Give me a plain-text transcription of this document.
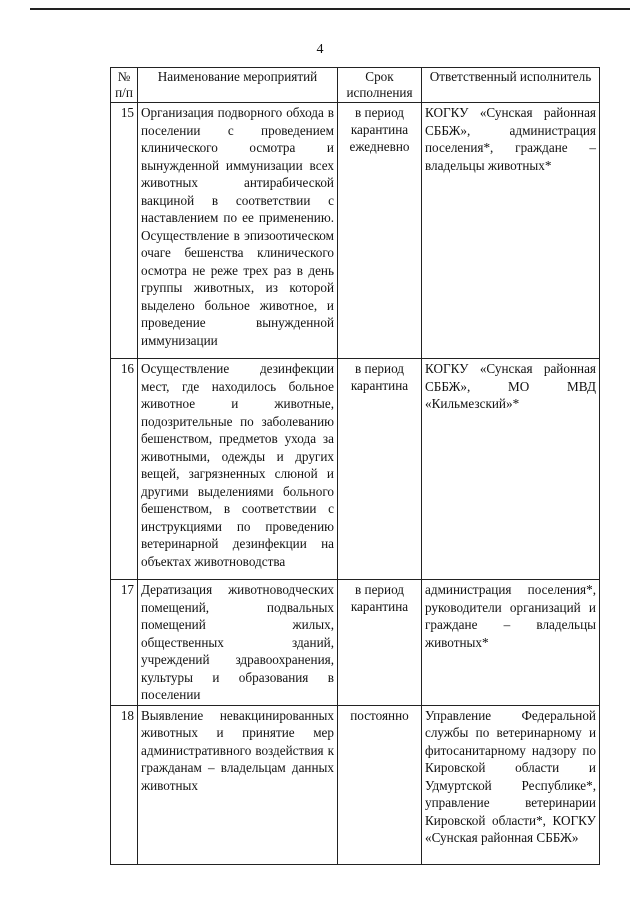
4
№ п/п	Наименование мероприятий	Срок исполнения	Ответственный исполнитель
15	Организация подворного обхода в поселении с проведением клинического осмотра и вынужденной иммунизации всех животных антирабической вакциной в соответствии с наставлением по ее применению. Осуществление в эпизоотическом очаге бешенства клинического осмотра не реже трех раз в день группы животных, из которой выделено больное животное, и проведение вынужденной иммунизации	в период карантина ежедневно	КОГКУ «Сунская районная СББЖ», администрация поселения*, граждане – владельцы животных*
16	Осуществление дезинфекции мест, где находилось больное животное и животные, подозрительные по заболеванию бешенством, предметов ухода за животными, одежды и других вещей, загрязненных слюной и другими выделениями больного бешенством, в соответствии с инструкциями по проведению ветеринарной дезинфекции на объектах животноводства	в период карантина	КОГКУ «Сунская районная СББЖ», МО МВД «Кильмезский»*
17	Дератизация животноводческих помещений, подвальных помещений жилых, общественных зданий, учреждений здравоохранения, культуры и образования в поселении	в период карантина	администрация поселения*, руководители организаций и граждане – владельцы животных*
18	Выявление невакцинированных животных и принятие мер административного воздействия к гражданам – владельцам данных животных	постоянно	Управление Федеральной службы по ветеринарному и фитосанитарному надзору по Кировской области и Удмуртской Республике*, управление ветеринарии Кировской области*, КОГКУ «Сунская районная СББЖ»
